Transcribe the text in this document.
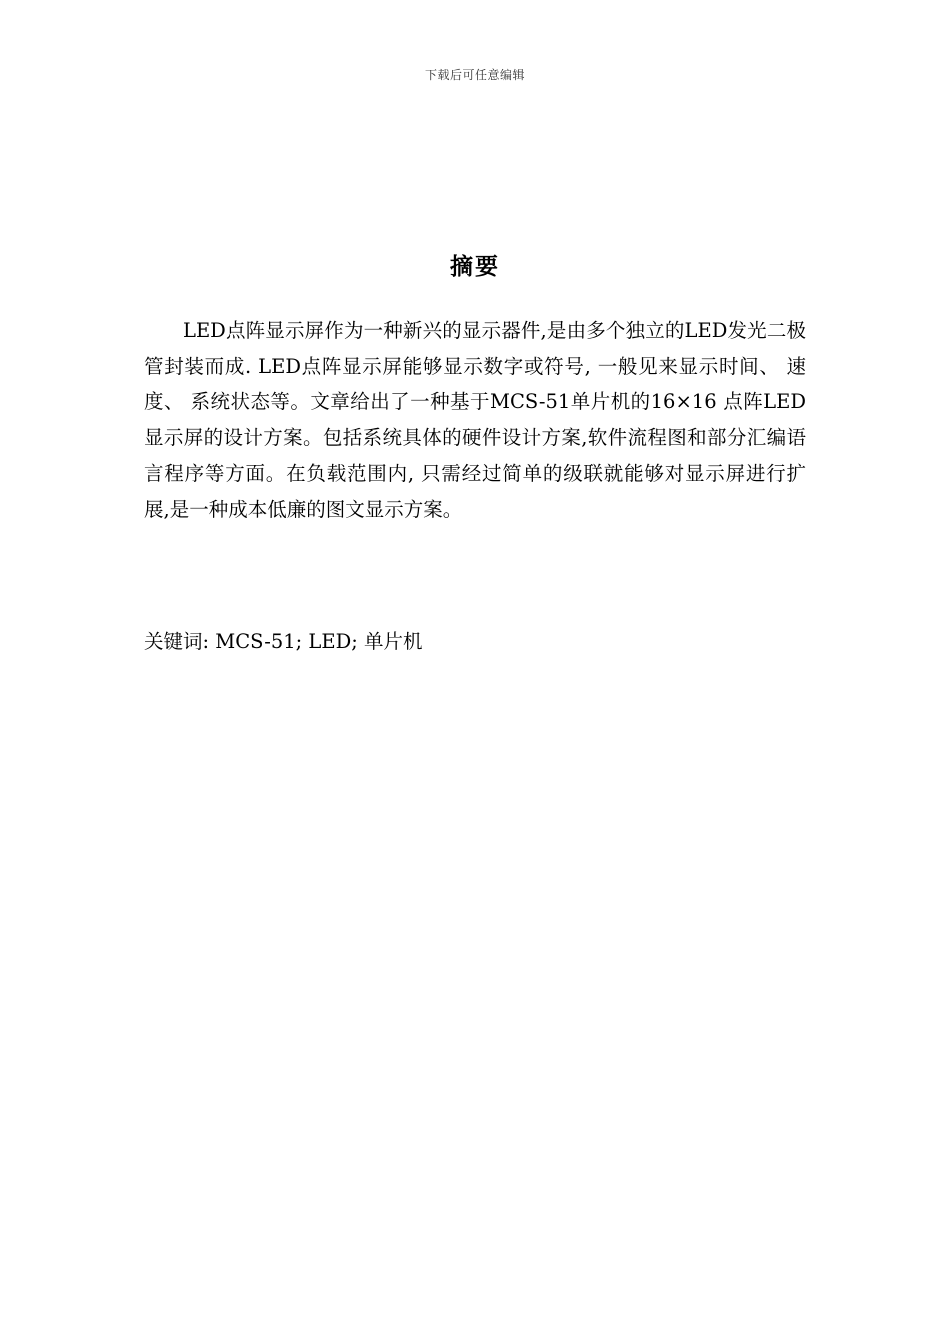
下载后可任意编辑
摘要

LED点阵显示屏作为一种新兴的显示器件,是由多个独立的LED发光二极管封装而成. LED点阵显示屏能够显示数字或符号, 一般见来显示时间、 速度、 系统状态等。文章给出了一种基于MCS-51单片机的16×16 点阵LED显示屏的设计方案。包括系统具体的硬件设计方案,软件流程图和部分汇编语言程序等方面。在负载范围内, 只需经过简单的级联就能够对显示屏进行扩展,是一种成本低廉的图文显示方案。

关键词: MCS-51; LED; 单片机
